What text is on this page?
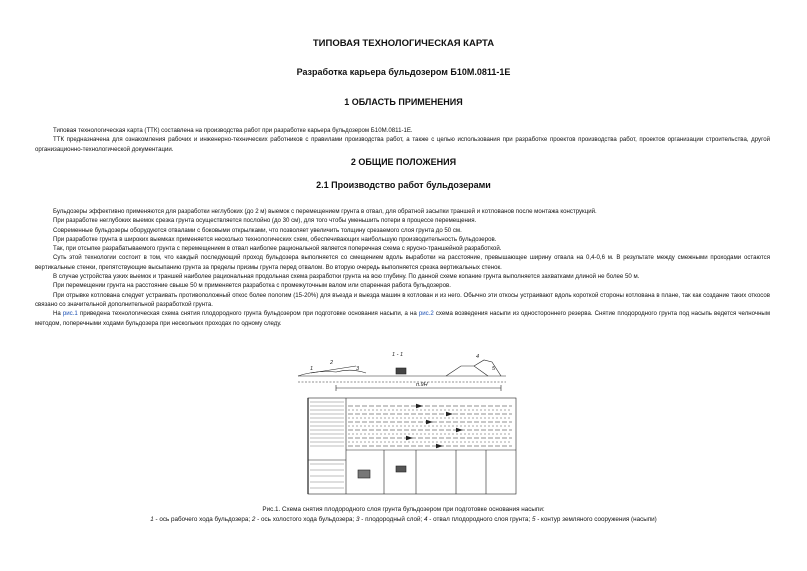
ТИПОВАЯ ТЕХНОЛОГИЧЕСКАЯ КАРТА
Разработка карьера бульдозером Б10М.0811-1Е
1 ОБЛАСТЬ ПРИМЕНЕНИЯ

Типовая технологическая карта (ТТК) составлена на производства работ при разработке карьера бульдозером Б10М.0811-1Е.

ТТК предназначена для ознакомления рабочих и инженерно-технических работников с правилами производства работ, а также с целью использования при разработке проектов производства работ, проектов организации строительства, другой организационно-технологической документации.

2 ОБЩИЕ ПОЛОЖЕНИЯ
2.1 Производство работ бульдозерами

Бульдозеры эффективно применяются для разработки неглубоких (до 2 м) выемок с перемещением грунта в отвал, для обратной засыпки траншей и котлованов после монтажа конструкций.

При разработке неглубоких выемок срезка грунта осуществляется послойно (до 30 см), для того чтобы уменьшить потери в процессе перемещения.

Современные бульдозеры оборудуются отвалами с боковыми открылками, что позволяет увеличить толщину срезаемого слоя грунта до 50 см.

При разработке грунта в широких выемках применяется несколько технологических схем, обеспечивающих наибольшую производительность бульдозеров.

Так, при отсыпке разрабатываемого грунта с перемещением в отвал наиболее рациональной является поперечная схема с ярусно-траншейной разработкой.

Суть этой технологии состоит в том, что каждый последующий проход бульдозера выполняется со смещением вдоль выработки на расстояние, превышающее ширину отвала на 0,4-0,6 м. В результате между смежными проходами остаются вертикальные стенки, препятствующие высыпанию грунта за пределы призмы грунта перед отвалом. Во вторую очередь выполняется срезка вертикальных стенок.

В случае устройства узких выемок и траншей наиболее рациональная продольная схема разработки грунта на всю глубину. По данной схеме копание грунта выполняется захватками длиной не более 50 м.

При перемещении грунта на расстояние свыше 50 м применяется разработка с промежуточным валом или спаренная работа бульдозеров.

При отрывке котлована следует устраивать противоположный откос более пологим (15-20%) для въезда и выезда машин в котлован и из него. Обычно эти откосы устраивают вдоль короткой стороны котлована в плане, так как создание таких откосов связано со значительной дополнительной разработкой грунта.

На рис.1 приведена технологическая схема снятия плодородного грунта бульдозером при подготовке основания насыпи, а на рис.2 схема возведения насыпи из одностороннего резерва. Снятие плодородного грунта под насыпь ведется челночным методом, поперечными ходами бульдозера при нескольких проходах по одному следу.

1 - 1
п.9Н
1
2
3
4
5
Рис.1. Схема снятия плодородного слоя грунта бульдозером при подготовке основания насыпи:
1 - ось рабочего хода бульдозера; 2 - ось холостого хода бульдозера; 3 - плодородный слой; 4 - отвал плодородного слоя грунта; 5 - контур земляного сооружения (насыпи)
